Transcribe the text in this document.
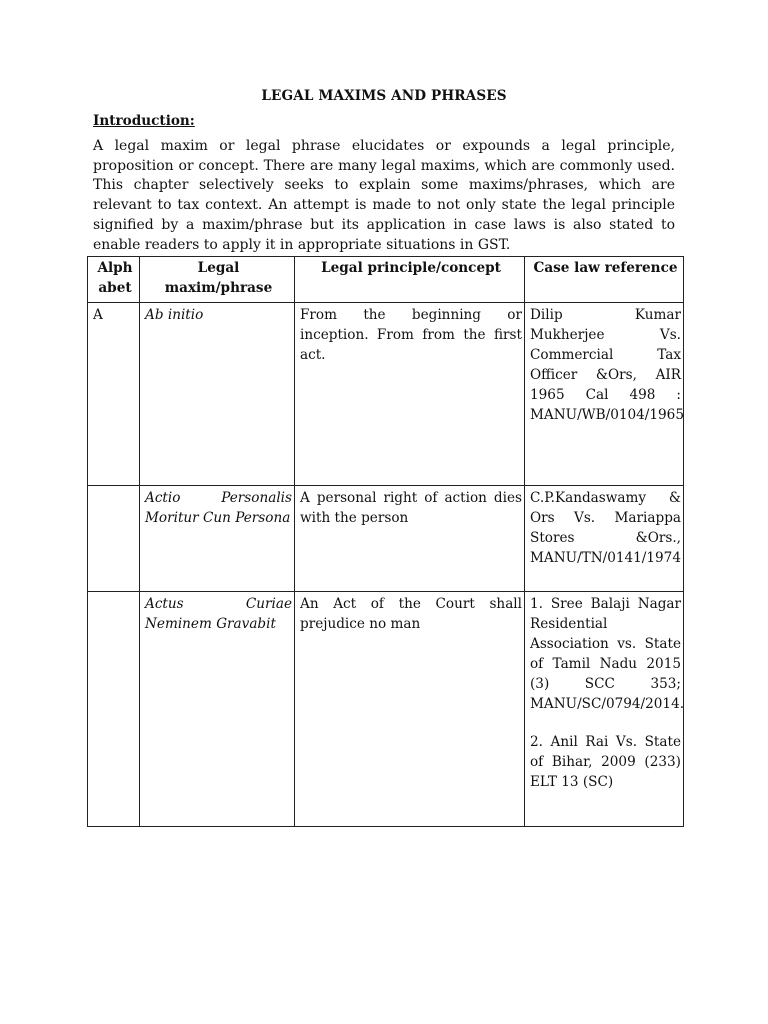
LEGAL MAXIMS AND PHRASES
Introduction:

A legal maxim or legal phrase elucidates or expounds a legal principle, proposition or concept. There are many legal maxims, which are commonly used. This chapter selectively seeks to explain some maxims/phrases, which are relevant to tax context. An attempt is made to not only state the legal principle signified by a maxim/phrase but its application in case laws is also stated to enable readers to apply it in appropriate situations in GST.

Alph abet	Legal maxim/phrase	Legal principle/concept	Case law reference
A	Ab initio	From the beginning or inception. From from the first act.	Dilip Kumar Mukherjee Vs. Commercial Tax Officer &Ors, AIR 1965 Cal 498 : MANU/WB/0104/1965

	Actio Personalis Moritur Cun Persona	A personal right of action dies with the person	C.P.Kandaswamy & Ors Vs. Mariappa Stores &Ors., MANU/TN/0141/1974

	Actus Curiae Neminem Gravabit	An Act of the Court shall prejudice no man	1. Sree Balaji Nagar Residential Association vs. State of Tamil Nadu 2015 (3) SCC 353; MANU/SC/0794/2014.
2. Anil Rai Vs. State of Bihar, 2009 (233) ELT 13 (SC)
